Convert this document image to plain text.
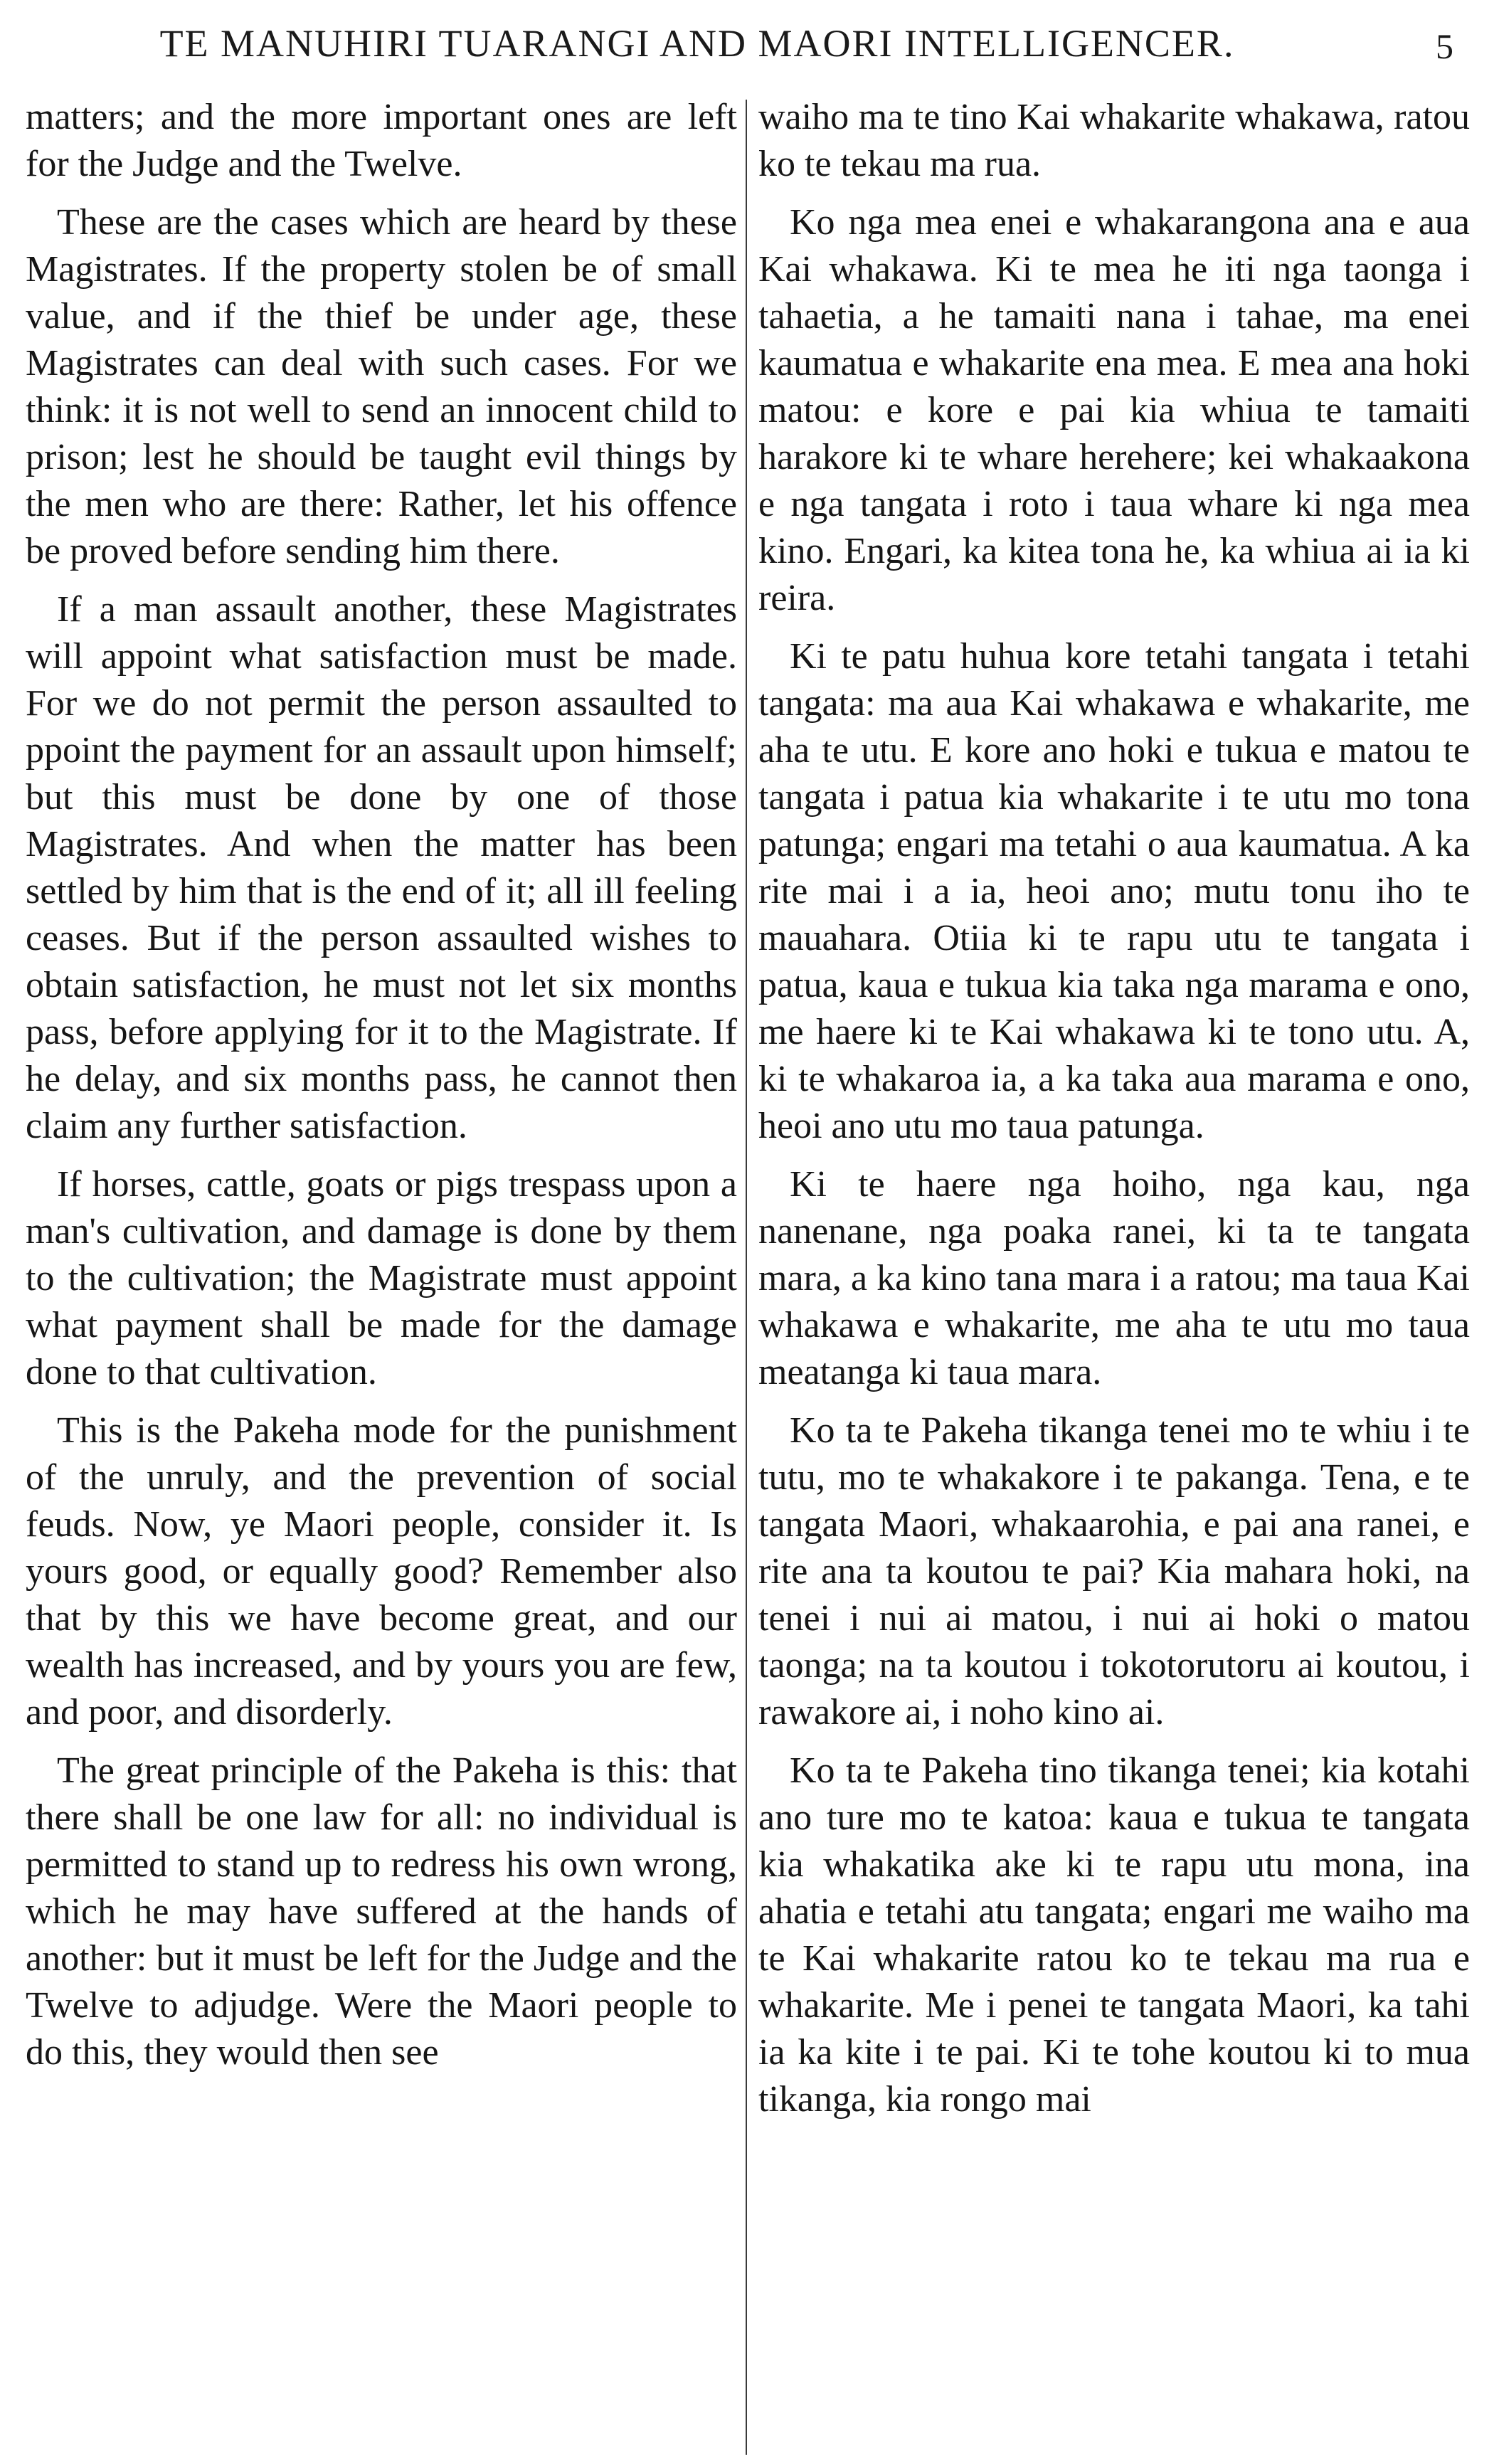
TE MANUHIRI TUARANGI AND MAORI INTELLIGENCER.	5

matters; and the more important ones are left for the Judge and the Twelve.

These are the cases which are heard by these Magistrates. If the property stolen be of small value, and if the thief be under age, these Magistrates can deal with such cases. For we think: it is not well to send an innocent child to prison; lest he should be taught evil things by the men who are there: Rather, let his offence be proved before sending him there.

If a man assault another, these Magistrates will appoint what satisfaction must be made. For we do not permit the person assaulted to ppoint the payment for an assault upon himself; but this must be done by one of those Magistrates. And when the matter has been settled by him that is the end of it; all ill feeling ceases. But if the person assaulted wishes to obtain satisfaction, he must not let six months pass, before applying for it to the Magistrate. If he delay, and six months pass, he cannot then claim any further satisfaction.

If horses, cattle, goats or pigs trespass upon a man's cultivation, and damage is done by them to the cultivation; the Magistrate must appoint what payment shall be made for the damage done to that cultivation.

This is the Pakeha mode for the punishment of the unruly, and the prevention of social feuds. Now, ye Maori people, consider it. Is yours good, or equally good? Remember also that by this we have become great, and our wealth has increased, and by yours you are few, and poor, and disorderly.

The great principle of the Pakeha is this: that there shall be one law for all: no individual is permitted to stand up to redress his own wrong, which he may have suffered at the hands of another: but it must be left for the Judge and the Twelve to adjudge. Were the Maori people to do this, they would then see

waiho ma te tino Kai whakarite whakawa, ratou ko te tekau ma rua.

Ko nga mea enei e whakarangona ana e aua Kai whakawa. Ki te mea he iti nga taonga i tahaetia, a he tamaiti nana i tahae, ma enei kaumatua e whakarite ena mea. E mea ana hoki matou: e kore e pai kia whiua te tamaiti harakore ki te whare herehere; kei whakaakona e nga tangata i roto i taua whare ki nga mea kino. Engari, ka kitea tona he, ka whiua ai ia ki reira.

Ki te patu huhua kore tetahi tangata i tetahi tangata: ma aua Kai whakawa e whakarite, me aha te utu. E kore ano hoki e tukua e matou te tangata i patua kia whakarite i te utu mo tona patunga; engari ma tetahi o aua kaumatua. A ka rite mai i a ia, heoi ano; mutu tonu iho te mauahara. Otiia ki te rapu utu te tangata i patua, kaua e tukua kia taka nga marama e ono, me haere ki te Kai whakawa ki te tono utu. A, ki te whakaroa ia, a ka taka aua marama e ono, heoi ano utu mo taua patunga.

Ki te haere nga hoiho, nga kau, nga nanenane, nga poaka ranei, ki ta te tangata mara, a ka kino tana mara i a ratou; ma taua Kai whakawa e whakarite, me aha te utu mo taua meatanga ki taua mara.

Ko ta te Pakeha tikanga tenei mo te whiu i te tutu, mo te whakakore i te pakanga. Tena, e te tangata Maori, whakaarohia, e pai ana ranei, e rite ana ta koutou te pai? Kia mahara hoki, na tenei i nui ai matou, i nui ai hoki o matou taonga; na ta koutou i tokotorutoru ai koutou, i rawakore ai, i noho kino ai.

Ko ta te Pakeha tino tikanga tenei; kia kotahi ano ture mo te katoa: kaua e tukua te tangata kia whakatika ake ki te rapu utu mona, ina ahatia e tetahi atu tangata; engari me waiho ma te Kai whakarite ratou ko te tekau ma rua e whakarite. Me i penei te tangata Maori, ka tahi ia ka kite i te pai. Ki te tohe koutou ki to mua tikanga, kia rongo mai
